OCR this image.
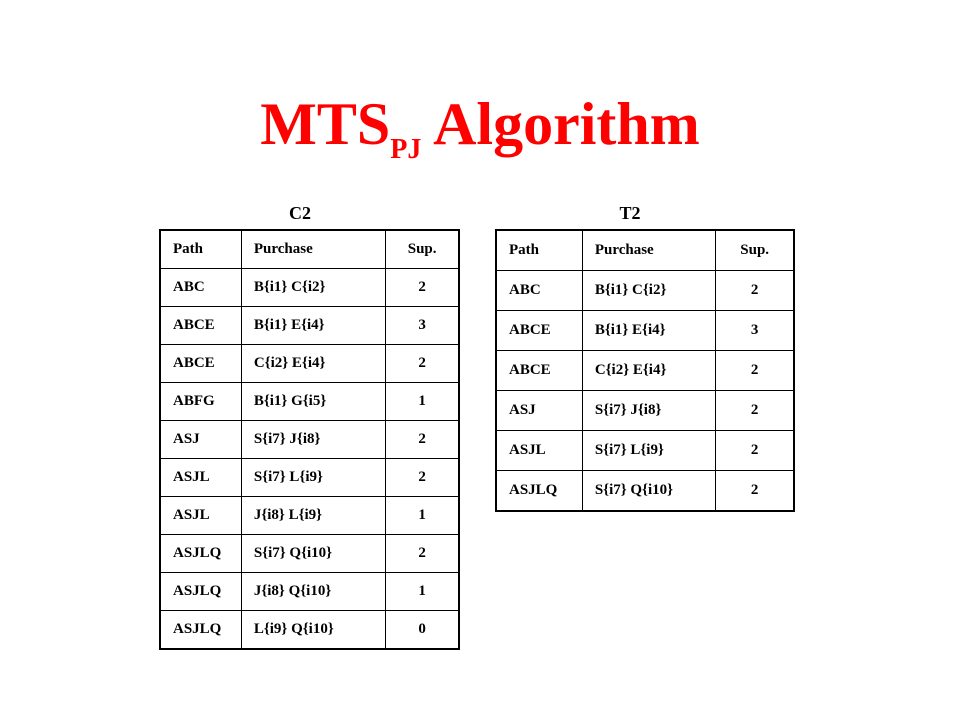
$MTS_{PJ}$ Algorithm
C2	T2
Path	Purchase	Sup.
ABC	B{i1} C{i2}	2
ABCE	B{i1} E{i4}	3
ABCE	C{i2} E{i4}	2
ABFG	B{i1} G{i5}	1
ASJ	S{i7} J{i8}	2
ASJL	S{i7} L{i9}	2
ASJL	J{i8} L{i9}	1
ASJLQ	S{i7} Q{i10}	2
ASJLQ	J{i8} Q{i10}	1
ASJLQ	L{i9} Q{i10}	0
Path	Purchase	Sup.
ABC	B{i1} C{i2}	2
ABCE	B{i1} E{i4}	3
ABCE	C{i2} E{i4}	2
ASJ	S{i7} J{i8}	2
ASJL	S{i7} L{i9}	2
ASJLQ	S{i7} Q{i10}	2
